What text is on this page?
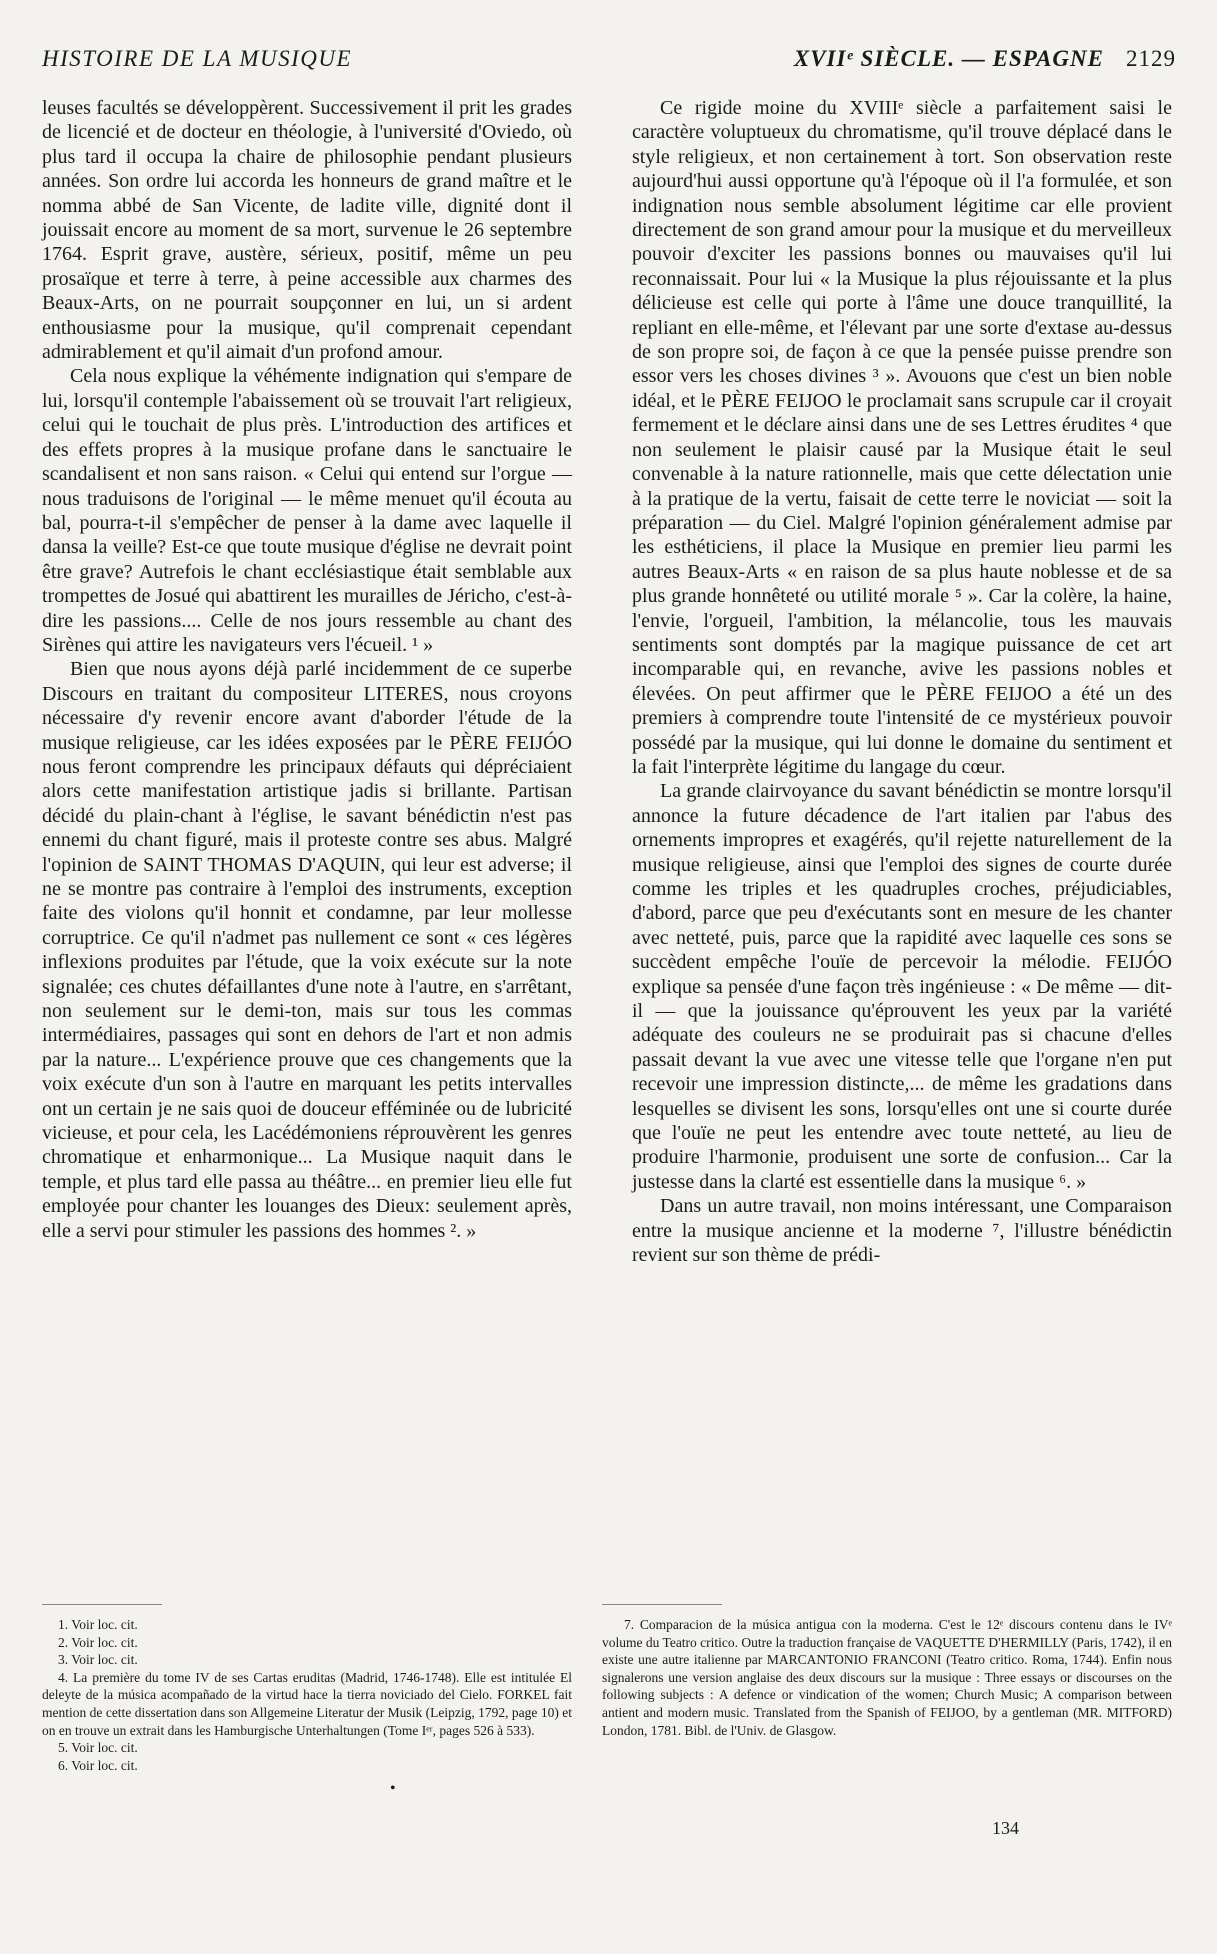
HISTOIRE DE LA MUSIQUE	XVIIᵉ SIÈCLE. — ESPAGNE 2129

leuses facultés se développèrent. Successivement il prit les grades de licencié et de docteur en théologie, à l'université d'Oviedo, où plus tard il occupa la chaire de philosophie pendant plusieurs années. Son ordre lui accorda les honneurs de grand maître et le nomma abbé de San Vicente, de ladite ville, dignité dont il jouissait encore au moment de sa mort, survenue le 26 septembre 1764. Esprit grave, austère, sérieux, positif, même un peu prosaïque et terre à terre, à peine accessible aux charmes des Beaux-Arts, on ne pourrait soupçonner en lui, un si ardent enthousiasme pour la musique, qu'il comprenait cependant admirablement et qu'il aimait d'un profond amour.

Cela nous explique la véhémente indignation qui s'empare de lui, lorsqu'il contemple l'abaissement où se trouvait l'art religieux, celui qui le touchait de plus près. L'introduction des artifices et des effets propres à la musique profane dans le sanctuaire le scandalisent et non sans raison. « Celui qui entend sur l'orgue — nous traduisons de l'original — le même menuet qu'il écouta au bal, pourra-t-il s'empêcher de penser à la dame avec laquelle il dansa la veille? Est-ce que toute musique d'église ne devrait point être grave? Autrefois le chant ecclésiastique était semblable aux trompettes de Josué qui abattirent les murailles de Jéricho, c'est-à-dire les passions.... Celle de nos jours ressemble au chant des Sirènes qui attire les navigateurs vers l'écueil. ¹ »

Bien que nous ayons déjà parlé incidemment de ce superbe Discours en traitant du compositeur LITERES, nous croyons nécessaire d'y revenir encore avant d'aborder l'étude de la musique religieuse, car les idées exposées par le PÈRE FEIJÓO nous feront comprendre les principaux défauts qui dépréciaient alors cette manifestation artistique jadis si brillante. Partisan décidé du plain-chant à l'église, le savant bénédictin n'est pas ennemi du chant figuré, mais il proteste contre ses abus. Malgré l'opinion de SAINT THOMAS D'AQUIN, qui leur est adverse; il ne se montre pas contraire à l'emploi des instruments, exception faite des violons qu'il honnit et condamne, par leur mollesse corruptrice. Ce qu'il n'admet pas nullement ce sont « ces légères inflexions produites par l'étude, que la voix exécute sur la note signalée; ces chutes défaillantes d'une note à l'autre, en s'arrêtant, non seulement sur le demi-ton, mais sur tous les commas intermédiaires, passages qui sont en dehors de l'art et non admis par la nature... L'expérience prouve que ces changements que la voix exécute d'un son à l'autre en marquant les petits intervalles ont un certain je ne sais quoi de douceur efféminée ou de lubricité vicieuse, et pour cela, les Lacédémoniens réprouvèrent les genres chromatique et enharmonique... La Musique naquit dans le temple, et plus tard elle passa au théâtre... en premier lieu elle fut employée pour chanter les louanges des Dieux: seulement après, elle a servi pour stimuler les passions des hommes ². »

Ce rigide moine du XVIIIᵉ siècle a parfaitement saisi le caractère voluptueux du chromatisme, qu'il trouve déplacé dans le style religieux, et non certainement à tort. Son observation reste aujourd'hui aussi opportune qu'à l'époque où il l'a formulée, et son indignation nous semble absolument légitime car elle provient directement de son grand amour pour la musique et du merveilleux pouvoir d'exciter les passions bonnes ou mauvaises qu'il lui reconnaissait. Pour lui « la Musique la plus réjouissante et la plus délicieuse est celle qui porte à l'âme une douce tranquillité, la repliant en elle-même, et l'élevant par une sorte d'extase au-dessus de son propre soi, de façon à ce que la pensée puisse prendre son essor vers les choses divines ³ ». Avouons que c'est un bien noble idéal, et le PÈRE FEIJOO le proclamait sans scrupule car il croyait fermement et le déclare ainsi dans une de ses Lettres érudites ⁴ que non seulement le plaisir causé par la Musique était le seul convenable à la nature rationnelle, mais que cette délectation unie à la pratique de la vertu, faisait de cette terre le noviciat — soit la préparation — du Ciel. Malgré l'opinion généralement admise par les esthéticiens, il place la Musique en premier lieu parmi les autres Beaux-Arts « en raison de sa plus haute noblesse et de sa plus grande honnêteté ou utilité morale ⁵ ». Car la colère, la haine, l'envie, l'orgueil, l'ambition, la mélancolie, tous les mauvais sentiments sont domptés par la magique puissance de cet art incomparable qui, en revanche, avive les passions nobles et élevées. On peut affirmer que le PÈRE FEIJOO a été un des premiers à comprendre toute l'intensité de ce mystérieux pouvoir possédé par la musique, qui lui donne le domaine du sentiment et la fait l'interprète légitime du langage du cœur.

La grande clairvoyance du savant bénédictin se montre lorsqu'il annonce la future décadence de l'art italien par l'abus des ornements impropres et exagérés, qu'il rejette naturellement de la musique religieuse, ainsi que l'emploi des signes de courte durée comme les triples et les quadruples croches, préjudiciables, d'abord, parce que peu d'exécutants sont en mesure de les chanter avec netteté, puis, parce que la rapidité avec laquelle ces sons se succèdent empêche l'ouïe de percevoir la mélodie. FEIJÓO explique sa pensée d'une façon très ingénieuse : « De même — dit-il — que la jouissance qu'éprouvent les yeux par la variété adéquate des couleurs ne se produirait pas si chacune d'elles passait devant la vue avec une vitesse telle que l'organe n'en put recevoir une impression distincte,... de même les gradations dans lesquelles se divisent les sons, lorsqu'elles ont une si courte durée que l'ouïe ne peut les entendre avec toute netteté, au lieu de produire l'harmonie, produisent une sorte de confusion... Car la justesse dans la clarté est essentielle dans la musique ⁶. »

Dans un autre travail, non moins intéressant, une Comparaison entre la musique ancienne et la moderne ⁷, l'illustre bénédictin revient sur son thème de prédi-

1. Voir loc. cit.

2. Voir loc. cit.

3. Voir loc. cit.

4. La première du tome IV de ses Cartas eruditas (Madrid, 1746-1748). Elle est intitulée El deleyte de la música acompañado de la virtud hace la tierra noviciado del Cielo. FORKEL fait mention de cette dissertation dans son Allgemeine Literatur der Musik (Leipzig, 1792, page 10) et on en trouve un extrait dans les Hamburgische Unterhaltungen (Tome Iᵉʳ, pages 526 à 533).

5. Voir loc. cit.

6. Voir loc. cit.

7. Comparacion de la música antigua con la moderna. C'est le 12ᵉ discours contenu dans le IVᵉ volume du Teatro critico. Outre la traduction française de VAQUETTE D'HERMILLY (Paris, 1742), il en existe une autre italienne par MARCANTONIO FRANCONI (Teatro critico. Roma, 1744). Enfin nous signalerons une version anglaise des deux discours sur la musique : Three essays or discourses on the following subjects : A defence or vindication of the women; Church Music; A comparison between antient and modern music. Translated from the Spanish of FEIJOO, by a gentleman (MR. MITFORD) London, 1781. Bibl. de l'Univ. de Glasgow.

•
134
